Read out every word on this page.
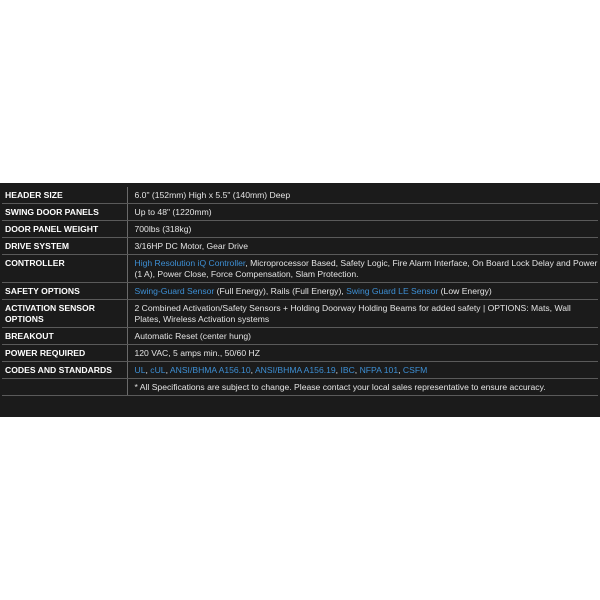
HEADER SIZE	6.0" (152mm) High x 5.5" (140mm) Deep
SWING DOOR PANELS	Up to 48" (1220mm)
DOOR PANEL WEIGHT	700lbs (318kg)
DRIVE SYSTEM	3/16HP DC Motor, Gear Drive
CONTROLLER	High Resolution iQ Controller, Microprocessor Based, Safety Logic, Fire Alarm Interface, On Board Lock Delay and Power (1 A), Power Close, Force Compensation, Slam Protection.
SAFETY OPTIONS	Swing-Guard Sensor (Full Energy), Rails (Full Energy), Swing Guard LE Sensor (Low Energy)
ACTIVATION SENSOR OPTIONS	2 Combined Activation/Safety Sensors + Holding Doorway Holding Beams for added safety | OPTIONS: Mats, Wall Plates, Wireless Activation systems
BREAKOUT	Automatic Reset (center hung)
POWER REQUIRED	120 VAC, 5 amps min., 50/60 HZ
CODES AND STANDARDS	UL, cUL, ANSI/BHMA A156.10, ANSI/BHMA A156.19, IBC, NFPA 101, CSFM
	* All Specifications are subject to change. Please contact your local sales representative to ensure accuracy.
